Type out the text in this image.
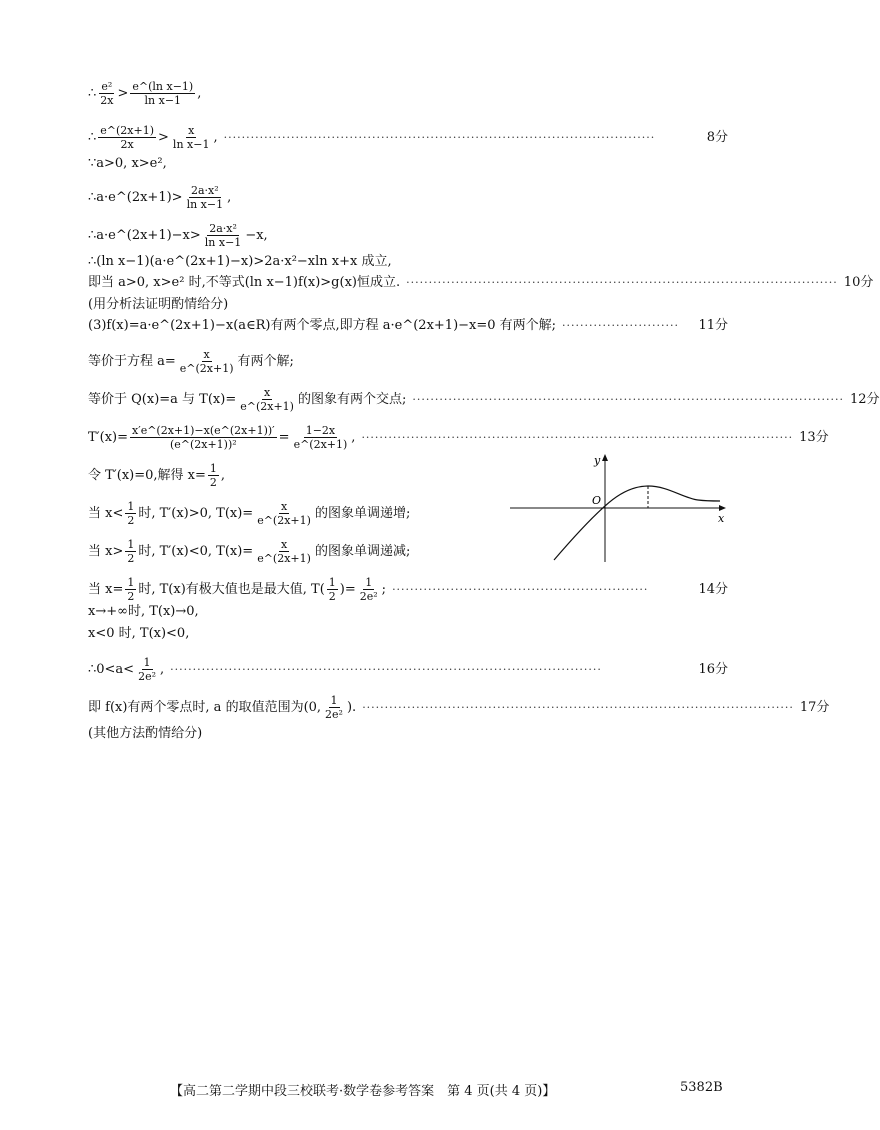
∴ $\frac{\text{e²}}{2x} > \frac{\text{e\textasciicircum{}(ln x−1)}}{\text{ln x−1}}$ ,
∴ $\frac{e\^{}(2x+1)}{2x} > \frac{x}{\text{ln x−1}}$ , ································································································	8分
∵a>0, x>e²,
∴ a·e^(2x+1)> $\frac{\text{2a·x²}}{\text{ln x−1}}$ ,
∴ a·e^(2x+1)−x> $\frac{\text{2a·x²}}{\text{ln x−1}} -x$,
∴(ln x−1)(a·e^(2x+1)−x)>2a·x²−xln x+x 成立,
即当 a>0, x>e² 时,不等式(ln x−1)f(x)>g(x)恒成立. ································································································ 10分
(用分析法证明酌情给分)
(3)f(x)=a·e^(2x+1)−x(a∈R)有两个零点,即方程 a·e^(2x+1)−x=0 有两个解; ··························	11分
等价于方程 $a= \frac{x}{e\^{}(2x+1)}$ 有两个解;
等价于 Q(x)=a 与 $T(x)= \frac{x}{e\^{}(2x+1)}$ 的图象有两个交点; ································································································ 12分
$T'(x)= \frac{x'e\^{}(2x+1)-x(e\^{}(2x+1))'}{\text{(e\textasciicircum{}(2x+1))²}} = \frac{1-2x}{e\^{}(2x+1)}$ , ································································································ 13分
令 T′(x)=0,解得 $x= \frac{1}{2}$ ,
当 $x< \frac{1}{2}$ 时, T′(x)>0, $T(x)= \frac{x}{e\^{}(2x+1)}$ 的图象单调递增;
当 $x> \frac{1}{2}$ 时, T′(x)<0, $T(x)= \frac{x}{e\^{}(2x+1)}$ 的图象单调递减;
当 $x= \frac{1}{2}$ 时, T(x)有极大值也是最大值, $T( \frac{1}{2}$ )= $\frac{1}{\text{2e²}}$ ; ·························································	14分
x→+∞时, T(x)→0,
x<0 时, T(x)<0,
∴0<a< $\frac{1}{\text{2e²}}$ , ································································································	16分
即 f(x)有两个零点时, a 的取值范围为(0, $\frac{1}{\text{2e²}}$ ). ································································································ 17分
(其他方法酌情给分)
y
x
O
【高二第二学期中段三校联考·数学卷参考答案　第 4 页(共 4 页)】	5382B
